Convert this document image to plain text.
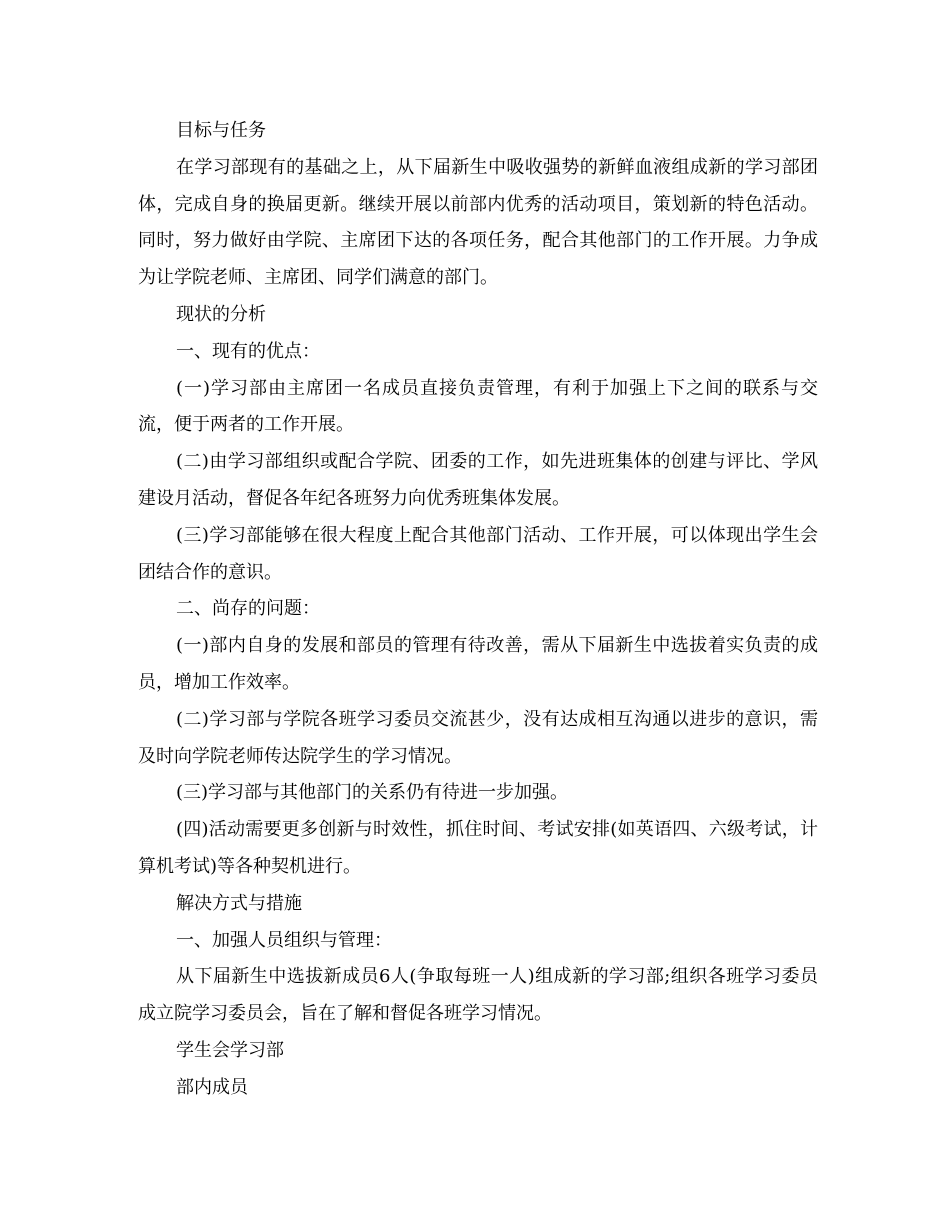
目标与任务

在学习部现有的基础之上，从下届新生中吸收强势的新鲜血液组成新的学习部团体，完成自身的换届更新。继续开展以前部内优秀的活动项目，策划新的特色活动。同时，努力做好由学院、主席团下达的各项任务，配合其他部门的工作开展。力争成为让学院老师、主席团、同学们满意的部门。

现状的分析

一、现有的优点：

(一)学习部由主席团一名成员直接负责管理，有利于加强上下之间的联系与交流，便于两者的工作开展。

(二)由学习部组织或配合学院、团委的工作，如先进班集体的创建与评比、学风建设月活动，督促各年纪各班努力向优秀班集体发展。

(三)学习部能够在很大程度上配合其他部门活动、工作开展，可以体现出学生会团结合作的意识。

二、尚存的问题：

(一)部内自身的发展和部员的管理有待改善，需从下届新生中选拔着实负责的成员，增加工作效率。

(二)学习部与学院各班学习委员交流甚少，没有达成相互沟通以进步的意识，需及时向学院老师传达院学生的学习情况。

(三)学习部与其他部门的关系仍有待进一步加强。

(四)活动需要更多创新与时效性，抓住时间、考试安排(如英语四、六级考试，计算机考试)等各种契机进行。

解决方式与措施

一、加强人员组织与管理：

从下届新生中选拔新成员6人(争取每班一人)组成新的学习部;组织各班学习委员成立院学习委员会，旨在了解和督促各班学习情况。

学生会学习部

部内成员
